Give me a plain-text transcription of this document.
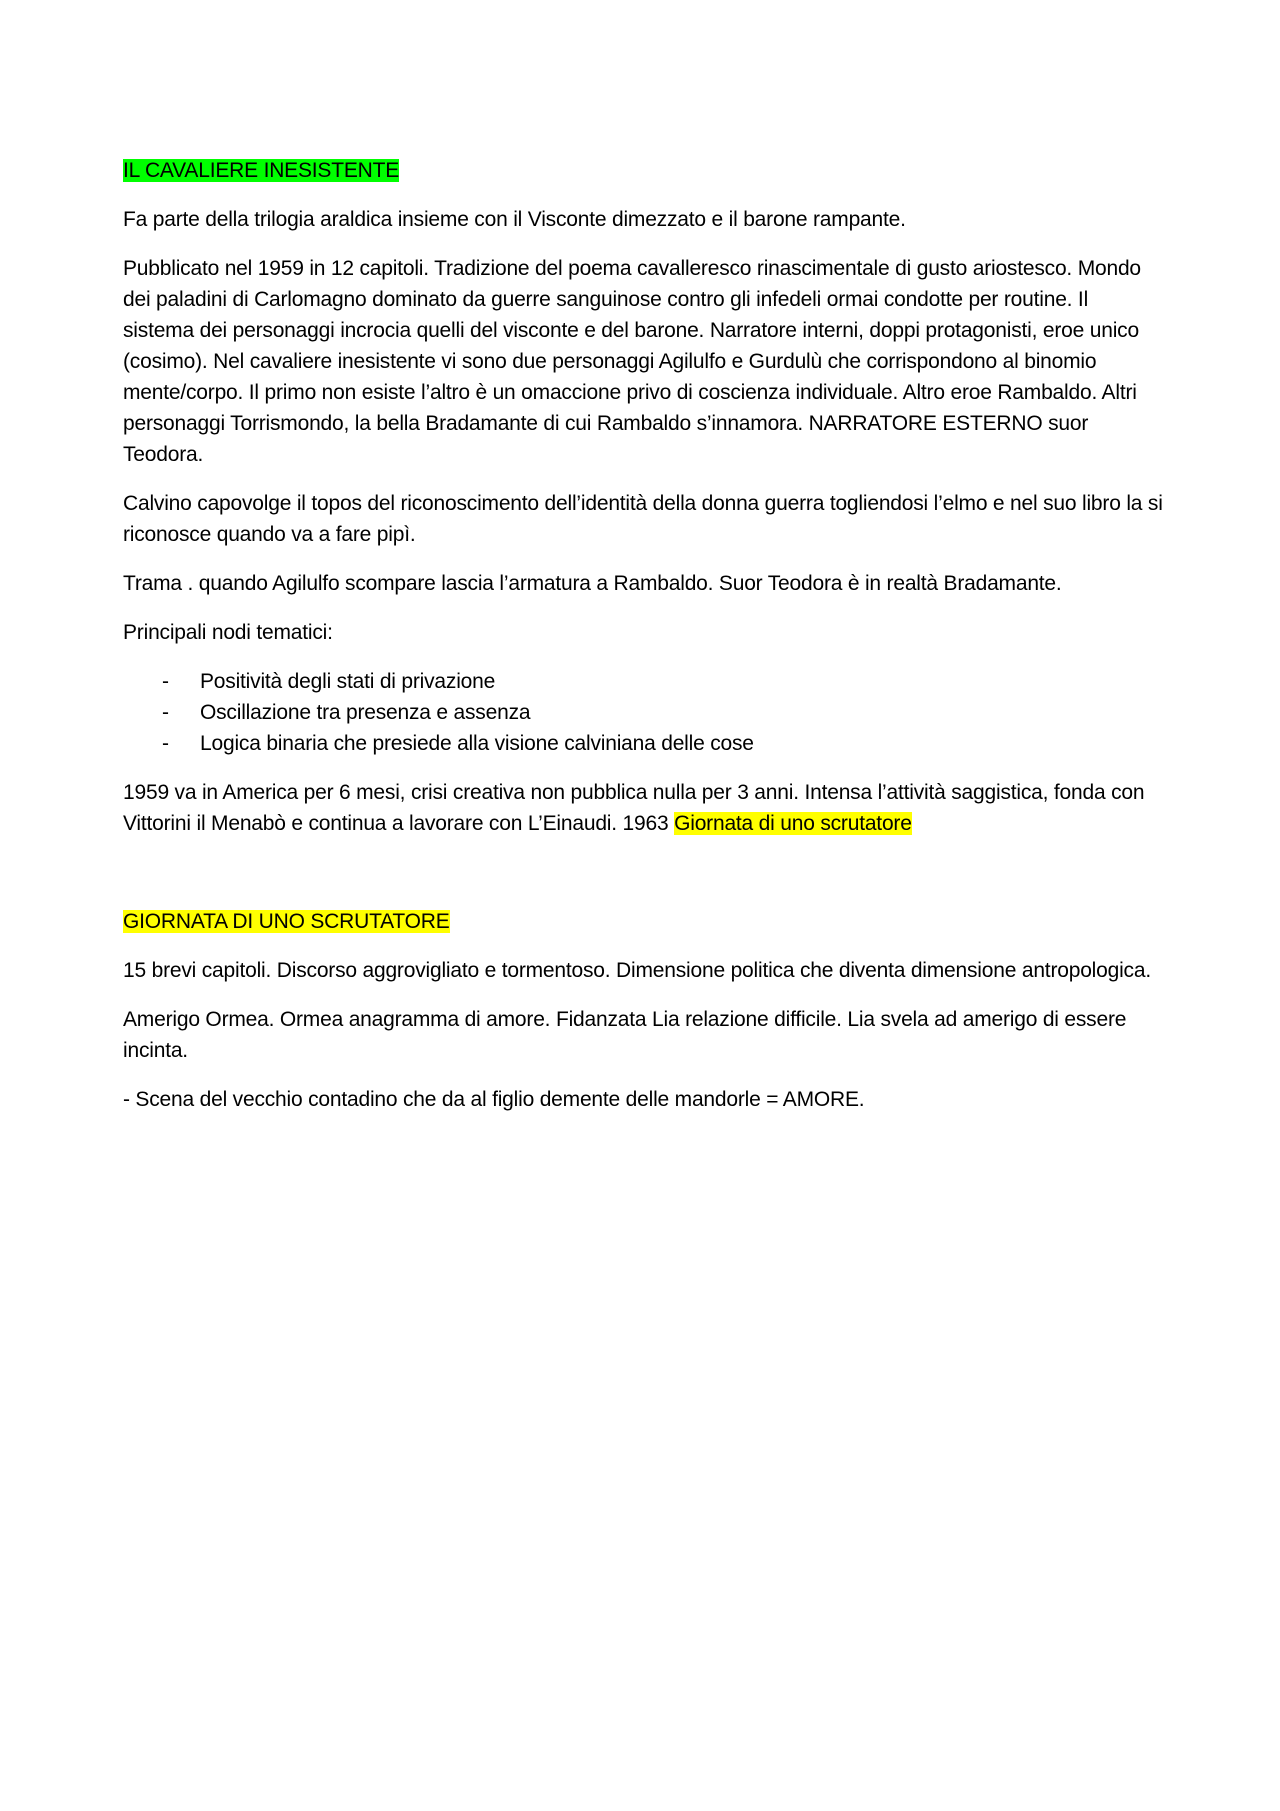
IL CAVALIERE INESISTENTE

Fa parte della trilogia araldica insieme con il Visconte dimezzato e il barone rampante.

Pubblicato nel 1959 in 12 capitoli. Tradizione del poema cavalleresco rinascimentale di gusto ariostesco. Mondo dei paladini di Carlomagno dominato da guerre sanguinose contro gli infedeli ormai condotte per routine. Il sistema dei personaggi incrocia quelli del visconte e del barone. Narratore interni, doppi protagonisti, eroe unico (cosimo). Nel cavaliere inesistente vi sono due personaggi Agilulfo e Gurdulù che corrispondono al binomio mente/corpo. Il primo non esiste l’altro è un omaccione privo di coscienza individuale. Altro eroe Rambaldo. Altri personaggi Torrismondo, la bella Bradamante di cui Rambaldo s’innamora. NARRATORE ESTERNO suor Teodora.

Calvino capovolge il topos del riconoscimento dell’identità della donna guerra togliendosi l’elmo e nel suo libro la si riconosce quando va a fare pipì.

Trama . quando Agilulfo scompare lascia l’armatura a Rambaldo. Suor Teodora è in realtà Bradamante.

Principali nodi tematici:

- Positività degli stati di privazione
- Oscillazione tra presenza e assenza
- Logica binaria che presiede alla visione calviniana delle cose

1959 va in America per 6 mesi, crisi creativa non pubblica nulla per 3 anni. Intensa l’attività saggistica, fonda con Vittorini il Menabò e continua a lavorare con L’Einaudi. 1963 Giornata di uno scrutatore

GIORNATA DI UNO SCRUTATORE

15 brevi capitoli. Discorso aggrovigliato e tormentoso. Dimensione politica che diventa dimensione antropologica.

Amerigo Ormea. Ormea anagramma di amore. Fidanzata Lia relazione difficile. Lia svela ad amerigo di essere incinta.

- Scena del vecchio contadino che da al figlio demente delle mandorle = AMORE.
